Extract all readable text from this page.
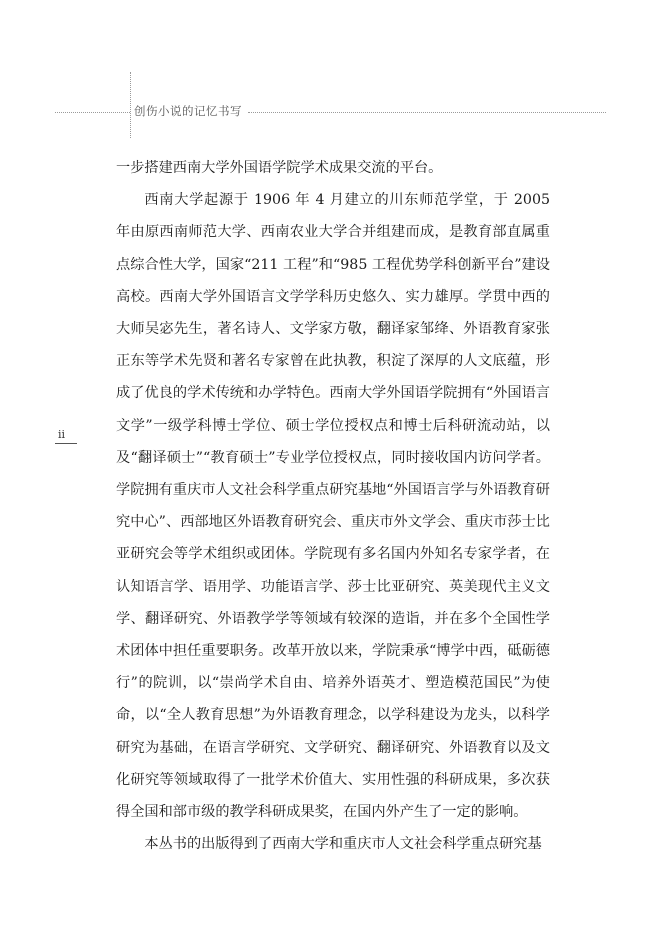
创伤小说的记忆书写
ii

一步搭建西南大学外国语学院学术成果交流的平台。

西南大学起源于 1906 年 4 月建立的川东师范学堂，于 2005 年由原西南师范大学、西南农业大学合并组建而成，是教育部直属重点综合性大学，国家“211 工程”和“985 工程优势学科创新平台”建设高校。西南大学外国语言文学学科历史悠久、实力雄厚。学贯中西的大师吴宓先生，著名诗人、文学家方敬，翻译家邹绛、外语教育家张正东等学术先贤和著名专家曾在此执教，积淀了深厚的人文底蕴，形成了优良的学术传统和办学特色。西南大学外国语学院拥有“外国语言文学”一级学科博士学位、硕士学位授权点和博士后科研流动站，以及“翻译硕士”“教育硕士”专业学位授权点，同时接收国内访问学者。学院拥有重庆市人文社会科学重点研究基地“外国语言学与外语教育研究中心”、西部地区外语教育研究会、重庆市外文学会、重庆市莎士比亚研究会等学术组织或团体。学院现有多名国内外知名专家学者，在认知语言学、语用学、功能语言学、莎士比亚研究、英美现代主义文学、翻译研究、外语教学学等领域有较深的造诣，并在多个全国性学术团体中担任重要职务。改革开放以来，学院秉承“博学中西，砥砺德行”的院训，以“崇尚学术自由、培养外语英才、塑造模范国民”为使命，以“全人教育思想”为外语教育理念，以学科建设为龙头，以科学研究为基础，在语言学研究、文学研究、翻译研究、外语教育以及文化研究等领域取得了一批学术价值大、实用性强的科研成果，多次获得全国和部市级的教学科研成果奖，在国内外产生了一定的影响。

本丛书的出版得到了西南大学和重庆市人文社会科学重点研究基
